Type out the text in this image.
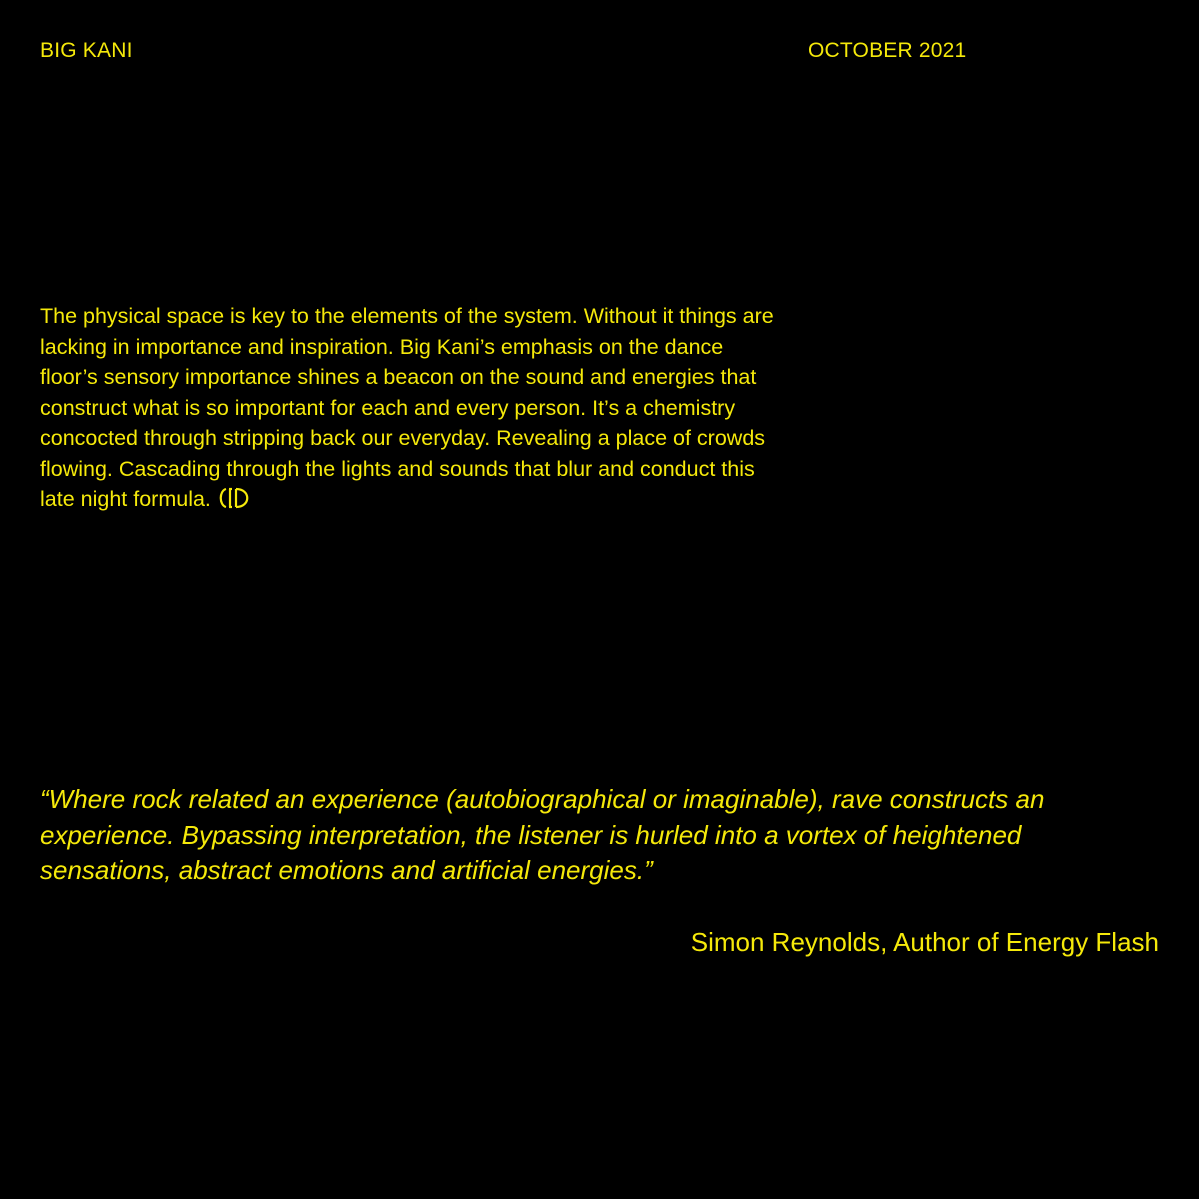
BIG KANI	OCTOBER 2021

The physical space is key to the elements of the system. Without it things are lacking in importance and inspiration. Big Kani’s emphasis on the dance floor’s sensory importance shines a beacon on the sound and energies that construct what is so important for each and every person. It’s a chemistry concocted through stripping back our everyday. Revealing a place of crowds flowing. Cascading through the lights and sounds that blur and conduct this late night formula.

“Where rock related an experience (autobiographical or imaginable), rave constructs an experience. Bypassing interpretation, the listener is hurled into a vortex of heightened sensations, abstract emotions and artificial energies.”

Simon Reynolds, Author of Energy Flash
